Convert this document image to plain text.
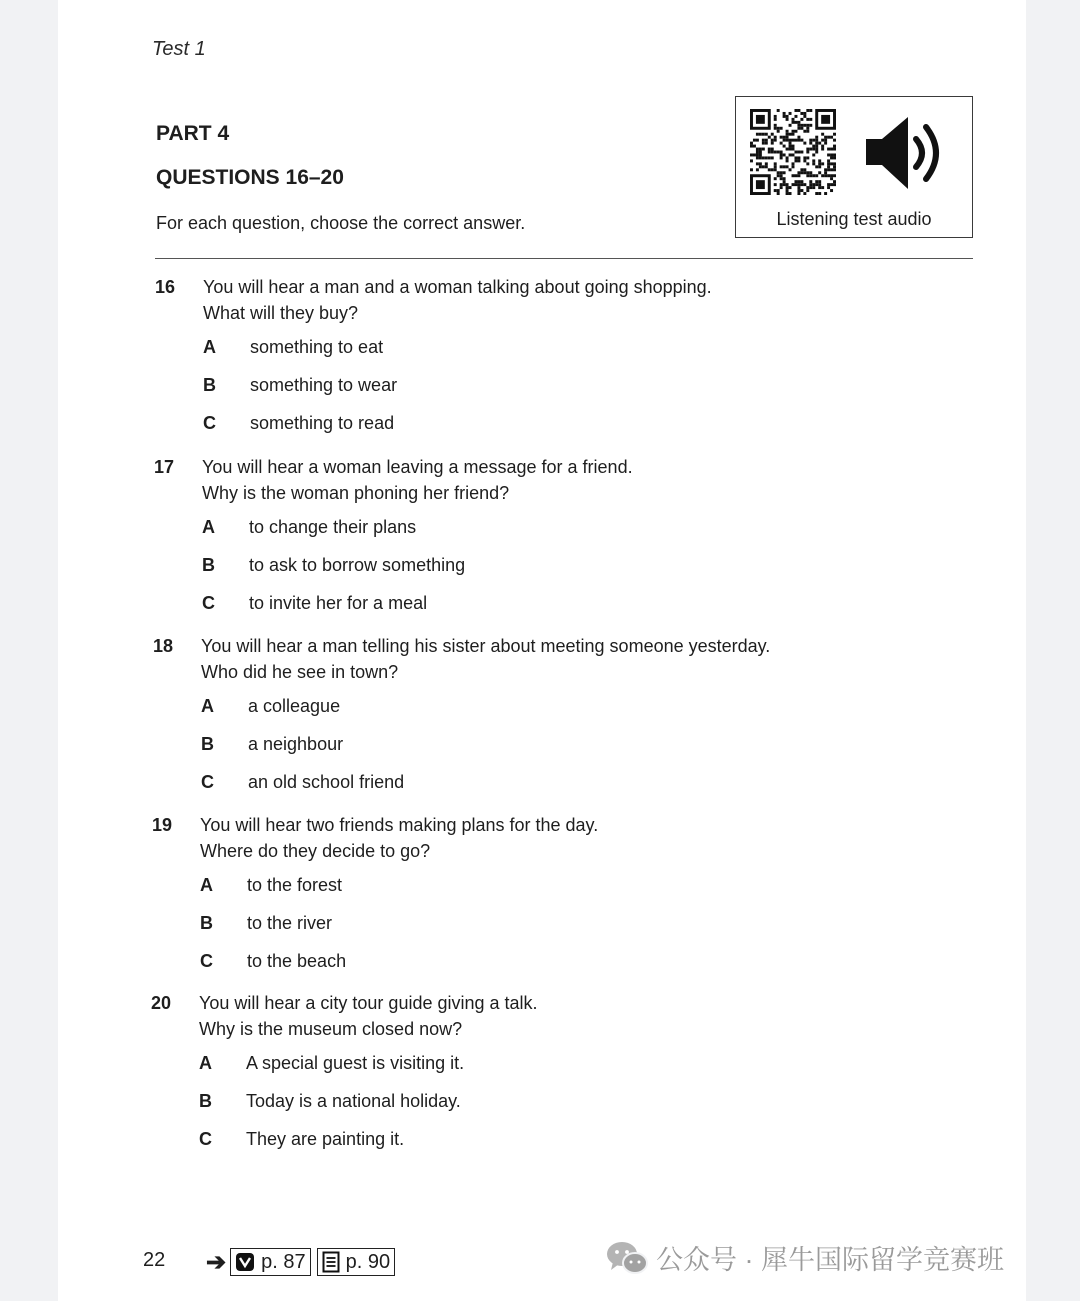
Test 1
PART 4
QUESTIONS 16–20
For each question, choose the correct answer.	Listening test audio
16 You will hear a man and a woman talking about going shopping.
What will they buy?
A something to eat
B something to wear
C something to read
17 You will hear a woman leaving a message for a friend.
Why is the woman phoning her friend?
A to change their plans
B to ask to borrow something
C to invite her for a meal
18 You will hear a man telling his sister about meeting someone yesterday.
Who did he see in town?
A a colleague
B a neighbour
C an old school friend
19 You will hear two friends making plans for the day.
Where do they decide to go?
A to the forest
B to the river
C to the beach
20 You will hear a city tour guide giving a talk.
Why is the museum closed now?
A A special guest is visiting it.
B Today is a national holiday.
C They are painting it.
22 ➔ p. 87 p. 90	公众号 · 犀牛国际留学竞赛班
